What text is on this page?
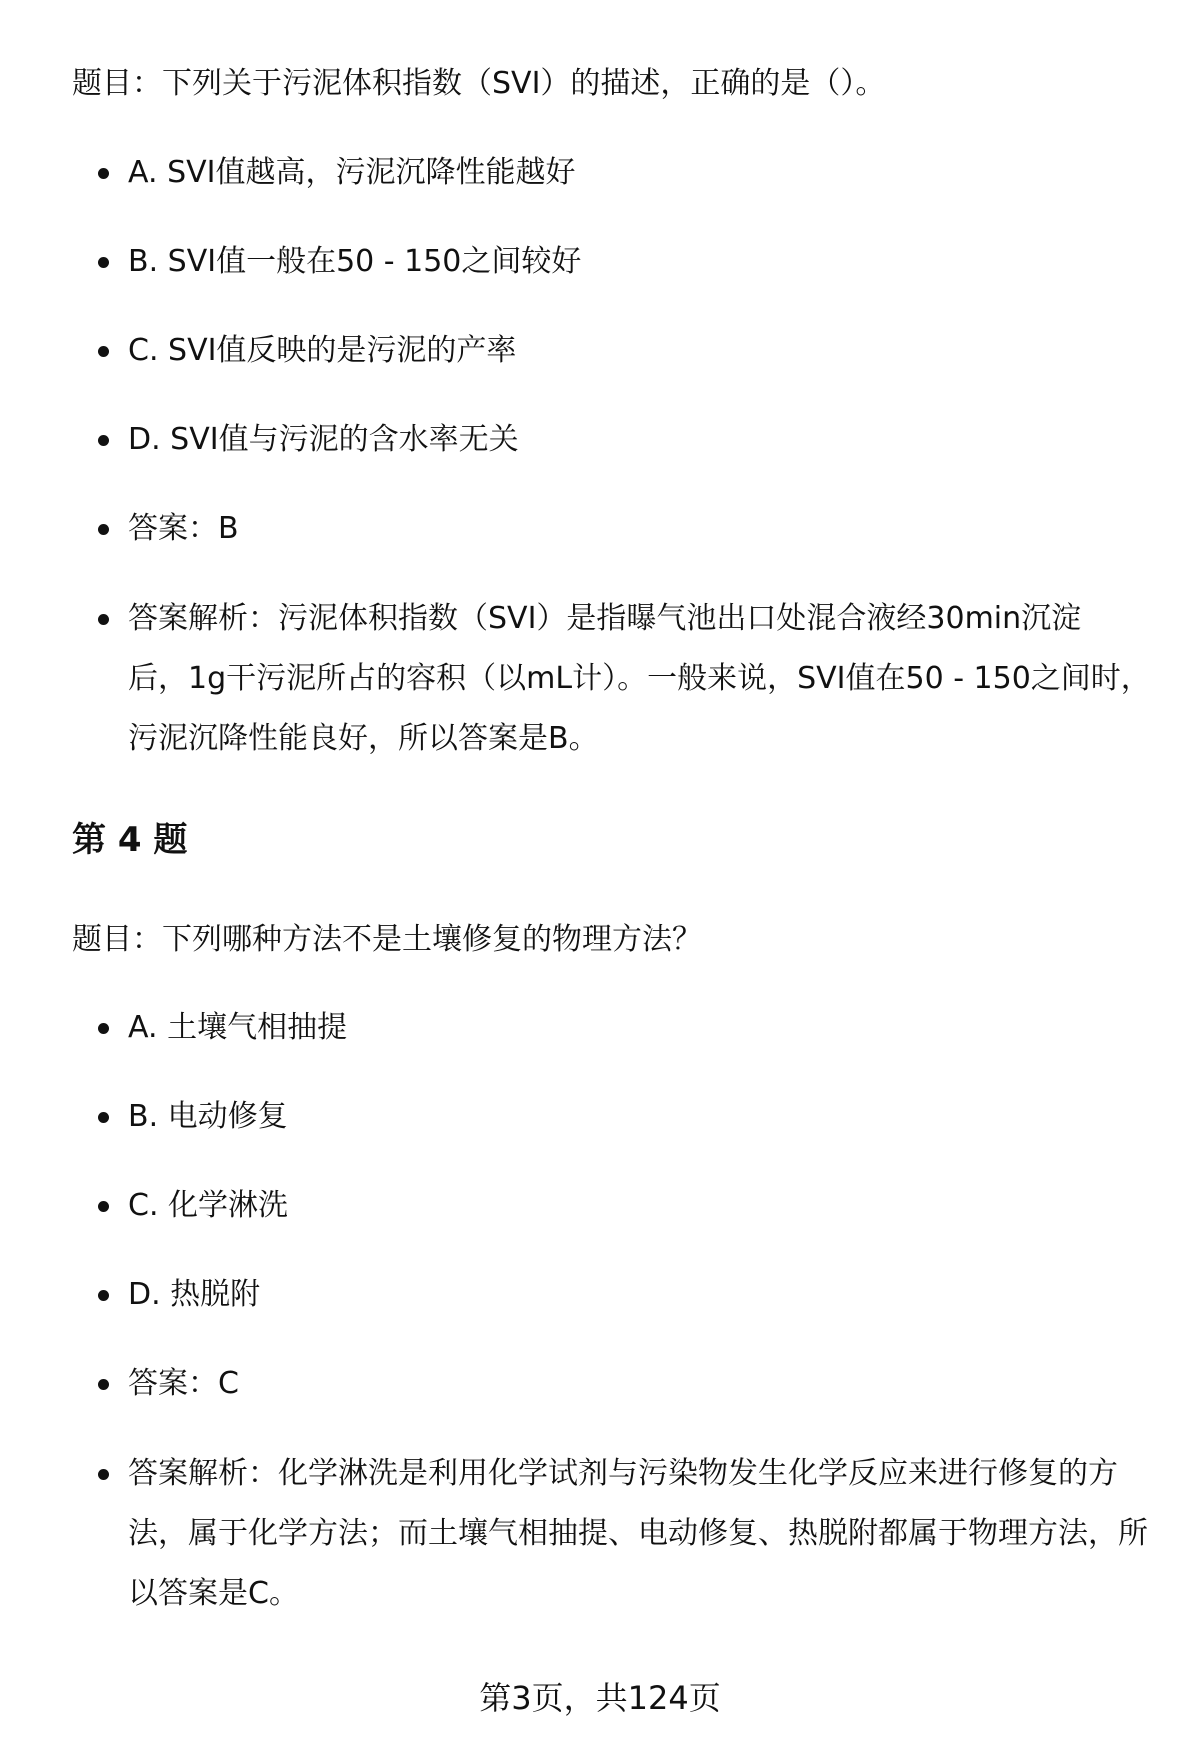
题目：下列关于污泥体积指数（SVI）的描述，正确的是（）。
A. SVI值越高，污泥沉降性能越好
B. SVI值一般在50 - 150之间较好
C. SVI值反映的是污泥的产率
D. SVI值与污泥的含水率无关
答案：B
答案解析：污泥体积指数（SVI）是指曝气池出口处混合液经30min沉淀
后，1g干污泥所占的容积（以mL计）。一般来说，SVI值在50 - 150之间时，
污泥沉降性能良好，所以答案是B。
第 4 题
题目：下列哪种方法不是土壤修复的物理方法？
A. 土壤气相抽提
B. 电动修复
C. 化学淋洗
D. 热脱附
答案：C
答案解析：化学淋洗是利用化学试剂与污染物发生化学反应来进行修复的方
法，属于化学方法；而土壤气相抽提、电动修复、热脱附都属于物理方法，所
以答案是C。
第3页，共124页
